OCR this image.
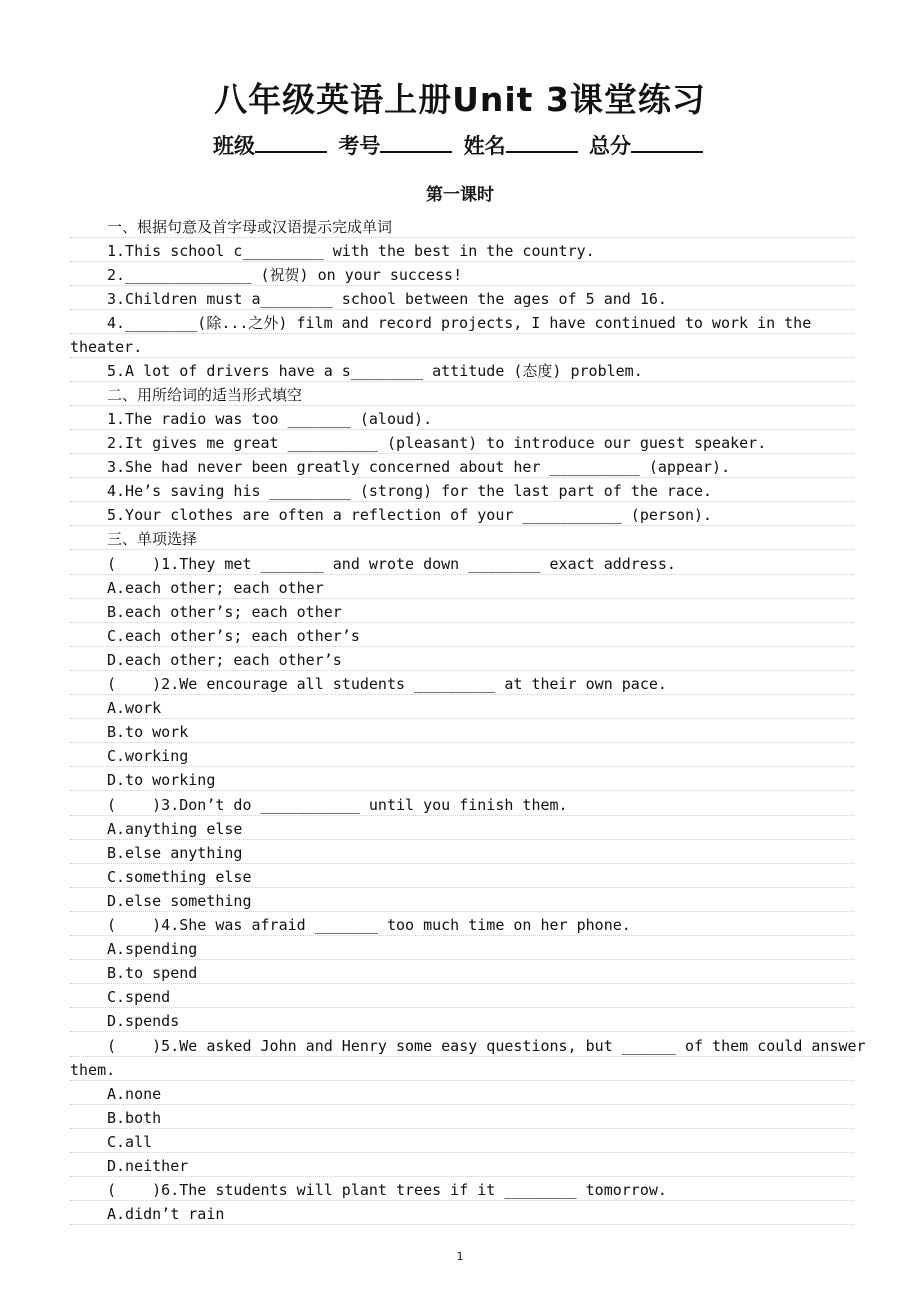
八年级英语上册Unit 3课堂练习
班级	考号	姓名	总分
第一课时
一、根据句意及首字母或汉语提示完成单词
1.This school c_________ with the best in the country.
2.______________ (祝贺) on your success!
3.Children must a________ school between the ages of 5 and 16.
4.________(除...之外) film and record projects, I have continued to work in the
theater.
5.A lot of drivers have a s________ attitude (态度) problem.
二、用所给词的适当形式填空
1.The radio was too _______ (aloud).
2.It gives me great __________ (pleasant) to introduce our guest speaker.
3.She had never been greatly concerned about her __________ (appear).
4.He’s saving his _________ (strong) for the last part of the race.
5.Your clothes are often a reflection of your ___________ (person).
三、单项选择
(    )1.They met _______ and wrote down ________ exact address.
A.each other; each other
B.each other’s; each other
C.each other’s; each other’s
D.each other; each other’s
(    )2.We encourage all students _________ at their own pace.
A.work
B.to work
C.working
D.to working
(    )3.Don’t do ___________ until you finish them.
A.anything else
B.else anything
C.something else
D.else something
(    )4.She was afraid _______ too much time on her phone.
A.spending
B.to spend
C.spend
D.spends
(    )5.We asked John and Henry some easy questions, but ______ of them could answer
them.
A.none
B.both
C.all
D.neither
(    )6.The students will plant trees if it ________ tomorrow.
A.didn’t rain
1
